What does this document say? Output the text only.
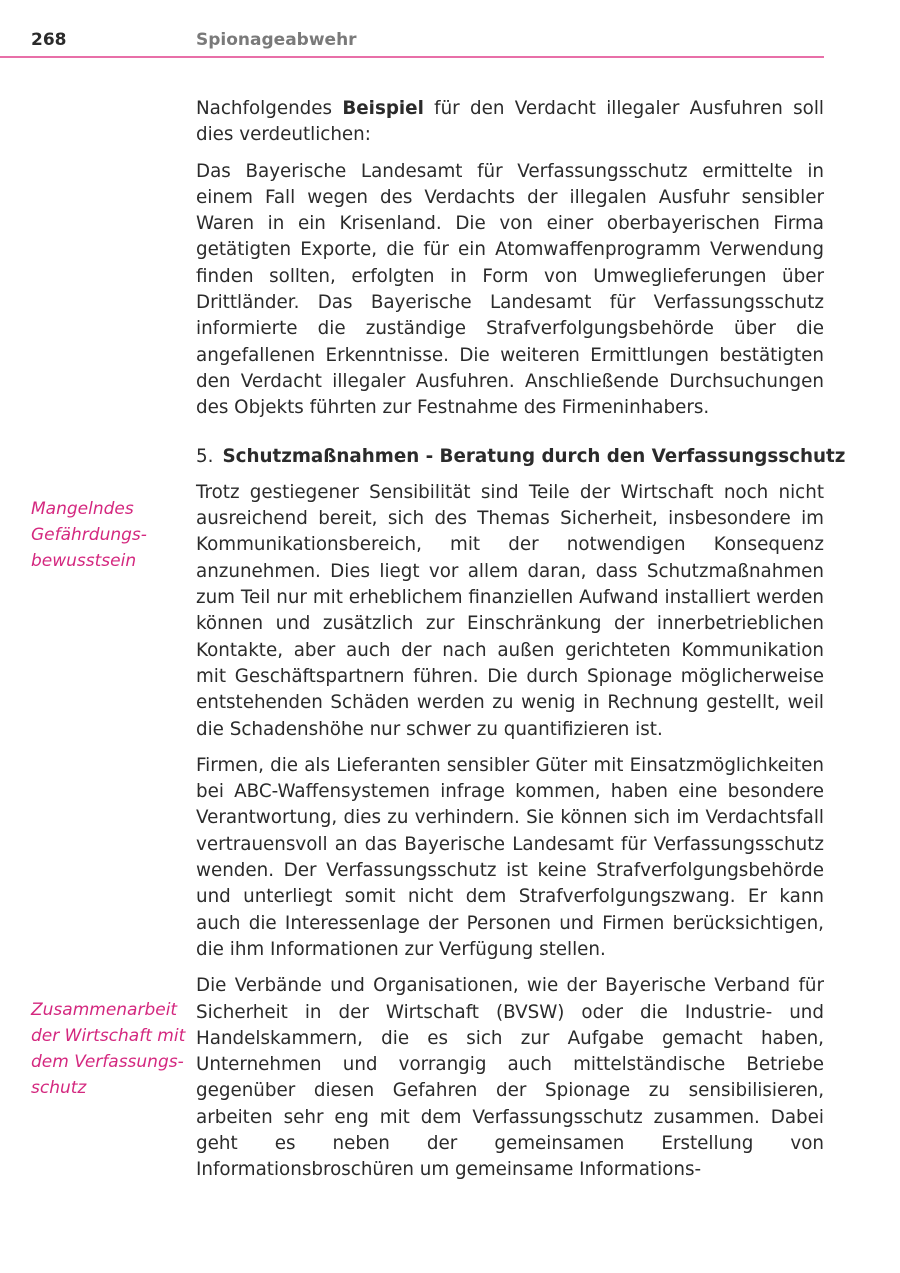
268	Spionageabwehr
Mangelndes
Gefährdungs-
bewusstsein
Zusammenarbeit
der Wirtschaft mit
dem Verfassungs-
schutz

Nachfolgendes Beispiel für den Verdacht illegaler Ausfuhren soll dies verdeutlichen:

Das Bayerische Landesamt für Verfassungsschutz ermittelte in einem Fall wegen des Verdachts der illegalen Ausfuhr sensibler Waren in ein Krisenland. Die von einer oberbayerischen Firma getätigten Exporte, die für ein Atomwaffenprogramm Verwendung finden sollten, erfolgten in Form von Umweglieferungen über Drittländer. Das Bayerische Landesamt für Verfassungsschutz informierte die zuständige Strafverfolgungsbehörde über die angefallenen Erkenntnisse. Die weiteren Ermittlungen bestätigten den Verdacht illegaler Ausfuhren. Anschließende Durchsuchungen des Objekts führten zur Festnahme des Firmeninhabers.

5. Schutzmaßnahmen - Beratung durch den Verfassungsschutz

Trotz gestiegener Sensibilität sind Teile der Wirtschaft noch nicht ausreichend bereit, sich des Themas Sicherheit, insbesondere im Kommunikationsbereich, mit der notwendigen Konsequenz anzunehmen. Dies liegt vor allem daran, dass Schutzmaßnahmen zum Teil nur mit erheblichem finanziellen Aufwand installiert werden können und zusätzlich zur Einschränkung der innerbetrieblichen Kontakte, aber auch der nach außen gerichteten Kommunikation mit Geschäftspartnern führen. Die durch Spionage möglicherweise entstehenden Schäden werden zu wenig in Rechnung gestellt, weil die Schadenshöhe nur schwer zu quantifizieren ist.

Firmen, die als Lieferanten sensibler Güter mit Einsatzmöglichkeiten bei ABC-Waffensystemen infrage kommen, haben eine besondere Verantwortung, dies zu verhindern. Sie können sich im Verdachtsfall vertrauensvoll an das Bayerische Landesamt für Verfassungsschutz wenden. Der Verfassungsschutz ist keine Strafverfolgungsbehörde und unterliegt somit nicht dem Strafverfolgungszwang. Er kann auch die Interessenlage der Personen und Firmen berücksichtigen, die ihm Informationen zur Verfügung stellen.

Die Verbände und Organisationen, wie der Bayerische Verband für Sicherheit in der Wirtschaft (BVSW) oder die Industrie- und Handelskammern, die es sich zur Aufgabe gemacht haben, Unternehmen und vorrangig auch mittelständische Betriebe gegenüber diesen Gefahren der Spionage zu sensibilisieren, arbeiten sehr eng mit dem Verfassungsschutz zusammen. Dabei geht es neben der gemeinsamen Erstellung von Informationsbroschüren um gemeinsame Informations-
